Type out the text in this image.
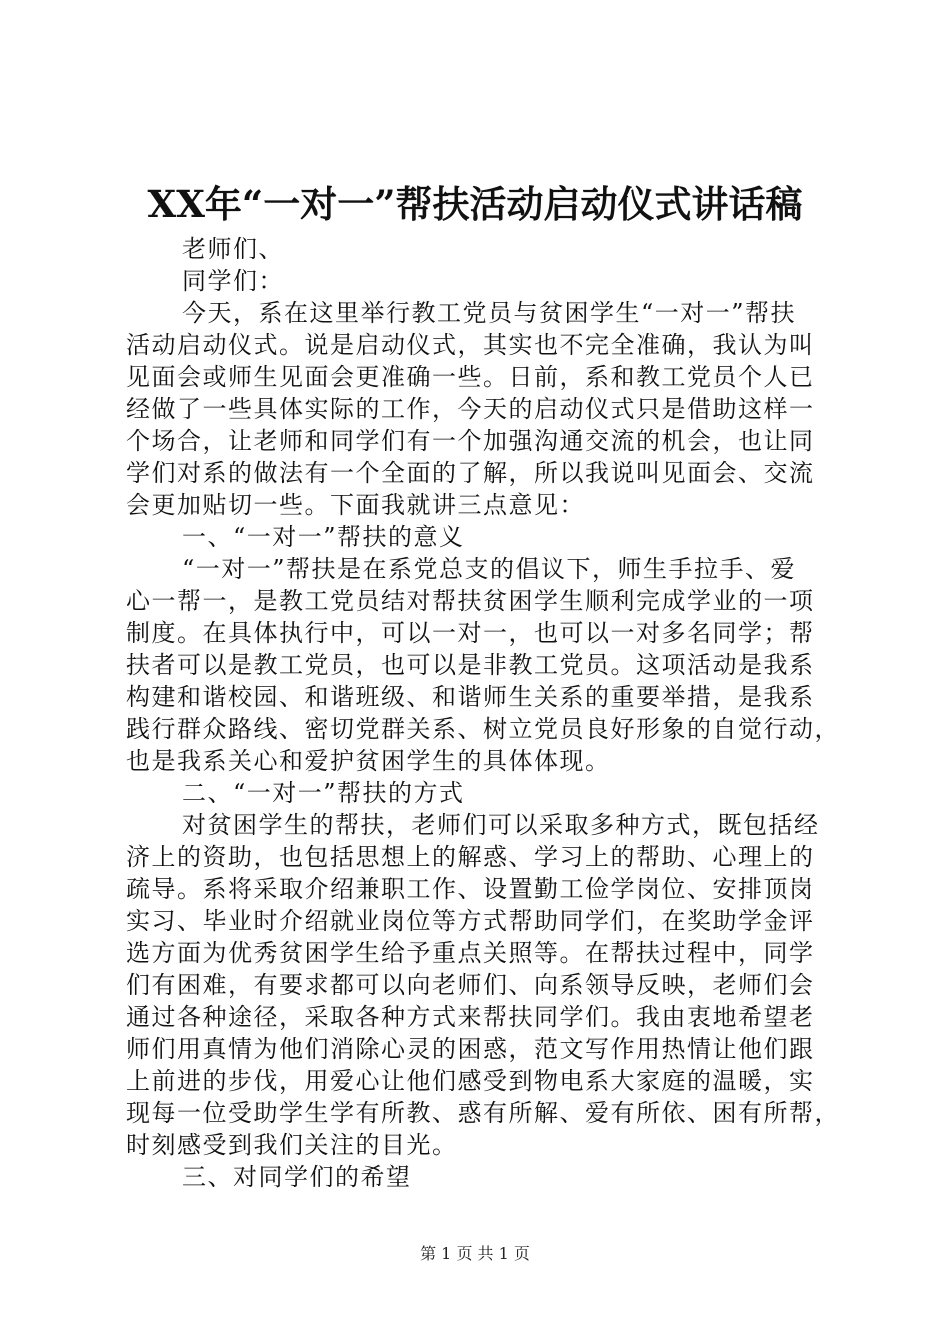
XX年“一对一”帮扶活动启动仪式讲话稿
老师们、
同学们：
今天，系在这里举行教工党员与贫困学生“一对一”帮扶
活动启动仪式。说是启动仪式，其实也不完全准确，我认为叫
见面会或师生见面会更准确一些。日前，系和教工党员个人已
经做了一些具体实际的工作，今天的启动仪式只是借助这样一
个场合，让老师和同学们有一个加强沟通交流的机会，也让同
学们对系的做法有一个全面的了解，所以我说叫见面会、交流
会更加贴切一些。下面我就讲三点意见：
一、“一对一”帮扶的意义
“一对一”帮扶是在系党总支的倡议下，师生手拉手、爱
心一帮一，是教工党员结对帮扶贫困学生顺利完成学业的一项
制度。在具体执行中，可以一对一，也可以一对多名同学；帮
扶者可以是教工党员，也可以是非教工党员。这项活动是我系
构建和谐校园、和谐班级、和谐师生关系的重要举措，是我系
践行群众路线、密切党群关系、树立党员良好形象的自觉行动，
也是我系关心和爱护贫困学生的具体体现。
二、“一对一”帮扶的方式
对贫困学生的帮扶，老师们可以采取多种方式，既包括经
济上的资助，也包括思想上的解惑、学习上的帮助、心理上的
疏导。系将采取介绍兼职工作、设置勤工俭学岗位、安排顶岗
实习、毕业时介绍就业岗位等方式帮助同学们，在奖助学金评
选方面为优秀贫困学生给予重点关照等。在帮扶过程中，同学
们有困难，有要求都可以向老师们、向系领导反映，老师们会
通过各种途径，采取各种方式来帮扶同学们。我由衷地希望老
师们用真情为他们消除心灵的困惑，范文写作用热情让他们跟
上前进的步伐，用爱心让他们感受到物电系大家庭的温暖，实
现每一位受助学生学有所教、惑有所解、爱有所依、困有所帮，
时刻感受到我们关注的目光。
三、对同学们的希望
第 1 页 共 1 页
